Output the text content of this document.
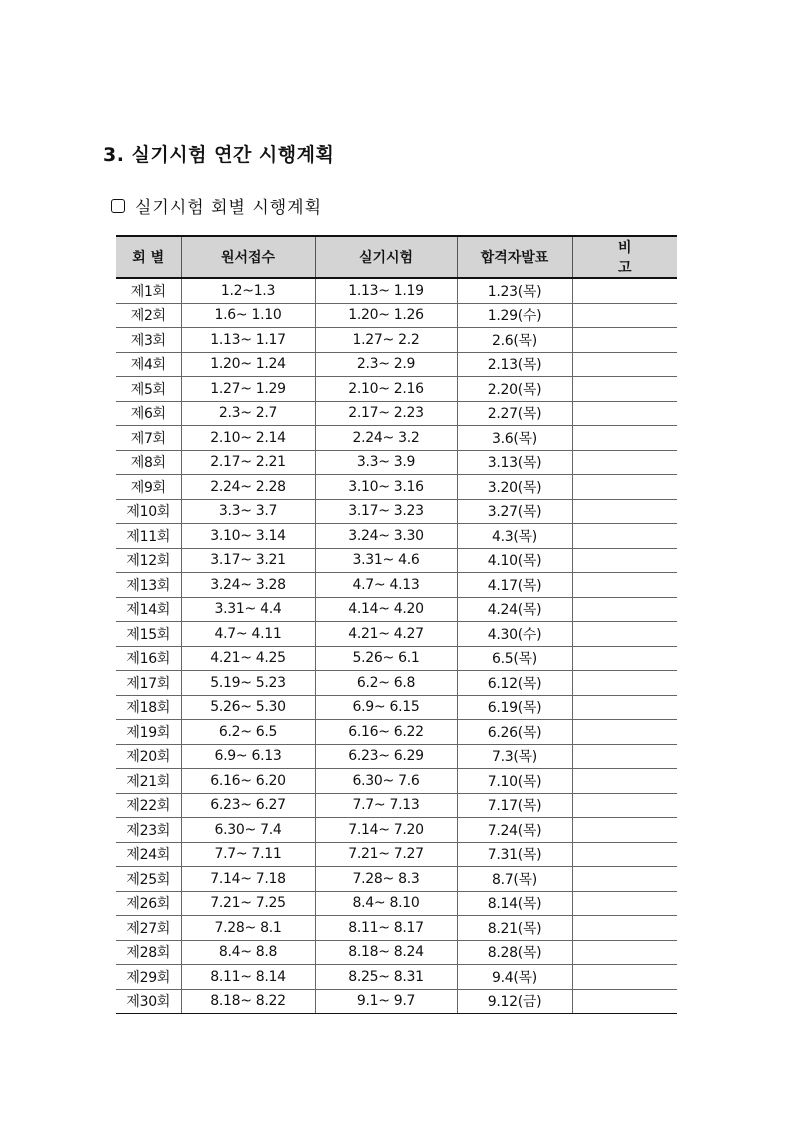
3. 실기시험 연간 시행계획
실기시험 회별 시행계획
회 별	원서접수	실기시험	합격자발표	비 고
제1회	1.2~1.3	1.13~ 1.19	1.23(목)	
제2회	1.6~ 1.10	1.20~ 1.26	1.29(수)	
제3회	1.13~ 1.17	1.27~ 2.2	2.6(목)	
제4회	1.20~ 1.24	2.3~ 2.9	2.13(목)	
제5회	1.27~ 1.29	2.10~ 2.16	2.20(목)	
제6회	2.3~ 2.7	2.17~ 2.23	2.27(목)	
제7회	2.10~ 2.14	2.24~ 3.2	3.6(목)	
제8회	2.17~ 2.21	3.3~ 3.9	3.13(목)	
제9회	2.24~ 2.28	3.10~ 3.16	3.20(목)	
제10회	3.3~ 3.7	3.17~ 3.23	3.27(목)	
제11회	3.10~ 3.14	3.24~ 3.30	4.3(목)	
제12회	3.17~ 3.21	3.31~ 4.6	4.10(목)	
제13회	3.24~ 3.28	4.7~ 4.13	4.17(목)	
제14회	3.31~ 4.4	4.14~ 4.20	4.24(목)	
제15회	4.7~ 4.11	4.21~ 4.27	4.30(수)	
제16회	4.21~ 4.25	5.26~ 6.1	6.5(목)	
제17회	5.19~ 5.23	6.2~ 6.8	6.12(목)	
제18회	5.26~ 5.30	6.9~ 6.15	6.19(목)	
제19회	6.2~ 6.5	6.16~ 6.22	6.26(목)	
제20회	6.9~ 6.13	6.23~ 6.29	7.3(목)	
제21회	6.16~ 6.20	6.30~ 7.6	7.10(목)	
제22회	6.23~ 6.27	7.7~ 7.13	7.17(목)	
제23회	6.30~ 7.4	7.14~ 7.20	7.24(목)	
제24회	7.7~ 7.11	7.21~ 7.27	7.31(목)	
제25회	7.14~ 7.18	7.28~ 8.3	8.7(목)	
제26회	7.21~ 7.25	8.4~ 8.10	8.14(목)	
제27회	7.28~ 8.1	8.11~ 8.17	8.21(목)	
제28회	8.4~ 8.8	8.18~ 8.24	8.28(목)	
제29회	8.11~ 8.14	8.25~ 8.31	9.4(목)	
제30회	8.18~ 8.22	9.1~ 9.7	9.12(금)	
